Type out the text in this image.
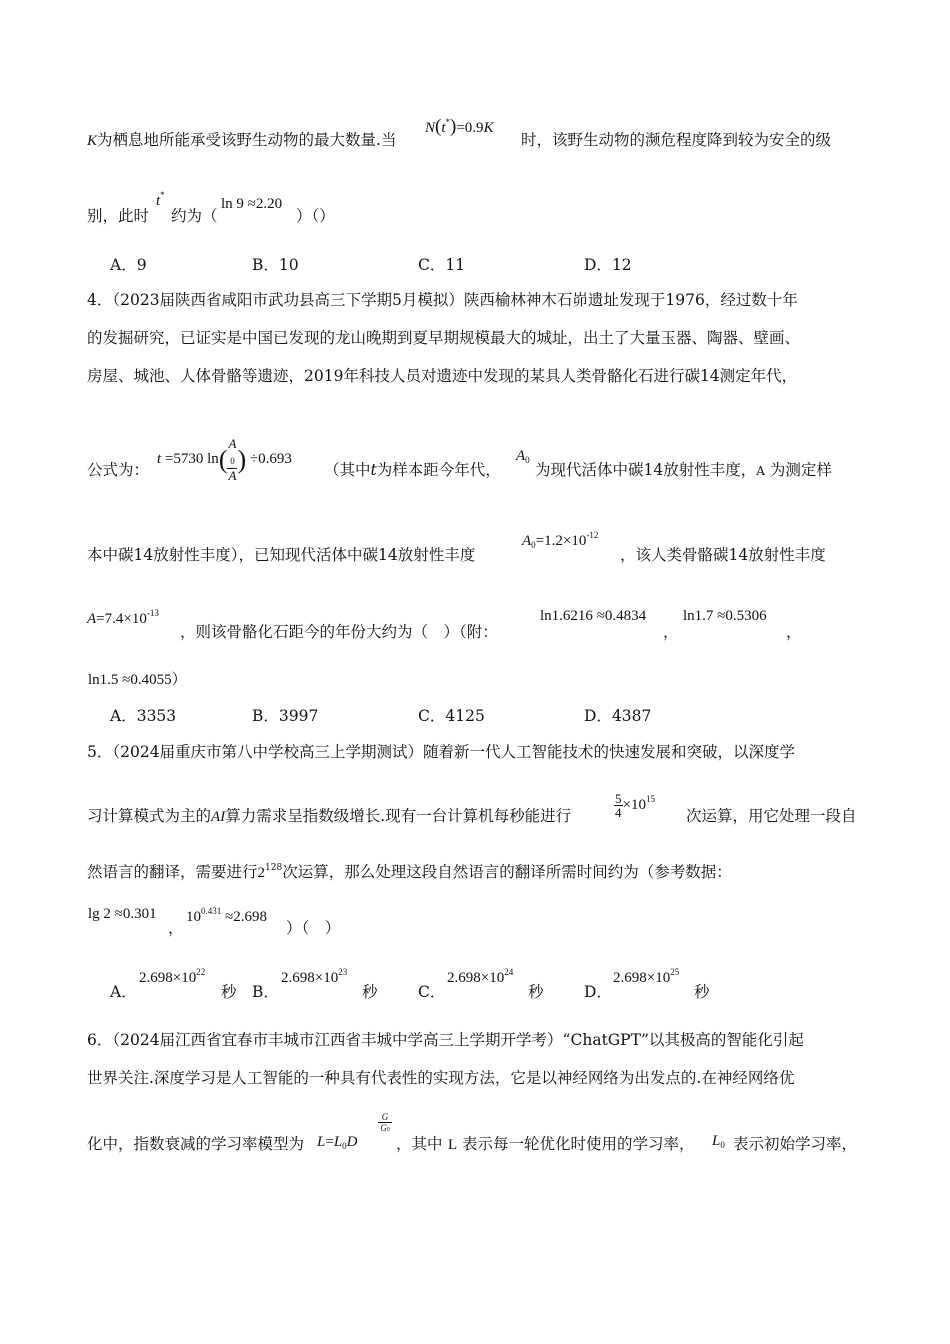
K为栖息地所能承受该野生动物的最大数量.当
N(t*)=0.9K
时，该野生动物的濒危程度降到较为安全的级
别，此时
t*
约为（
ln 9 ≈2.20
）（）
A．9	B．10	C．11	D．12
4．（2023届陕西省咸阳市武功县高三下学期5月模拟）陕西榆林神木石峁遗址发现于1976，经过数十年
的发掘研究，已证实是中国已发现的龙山晚期到夏早期规模最大的城址，出土了大量玉器、陶器、壁画、
房屋、城池、人体骨骼等遗迹，2019年科技人员对遗迹中发现的某具人类骨骼化石进行碳14测定年代，
公式为：
t =5730 ln( A
$_0$
A ) ÷0.693
（其中t为样本距今年代，
$A_0$
为现代活体中碳14放射性丰度，A 为测定样
本中碳14放射性丰度），已知现代活体中碳14放射性丰度
$A_0=1.2\times 10^{-12}$
，该人类骨骼碳14放射性丰度
$A=7.4\times 10^{-13}$
，则该骨骼化石距今的年份大约为（　）（附：
ln1.6216 ≈0.4834
，
ln1.7 ≈0.5306
，
ln1.5 ≈0.4055）
A．3353	B．3997	C．4125	D．4387
5．（2024届重庆市第八中学校高三上学期测试）随着新一代人工智能技术的快速发展和突破，以深度学
习计算模式为主的AI算力需求呈指数级增长.现有一台计算机每秒能进行	$\frac{5}{4} \times 10^{15}$
次运算，用它处理一段自
然语言的翻译，需要进行$2^{128}$次运算，那么处理这段自然语言的翻译所需时间约为（参考数据：
lg 2 ≈0.301
，
$10^{0.431} \approx 2.698$
）（　）
A．
$2.698\times 10^{22}$
秒 B．
$2.698\times 10^{23}$
秒	C．
$2.698\times 10^{24}$
秒	D．
$2.698\times 10^{25}$
秒
6．（2024届江西省宜春市丰城市江西省丰城中学高三上学期开学考）“ChatGPT”以其极高的智能化引起
世界关注.深度学习是人工智能的一种具有代表性的实现方法，它是以神经网络为出发点的.在神经网络优
化中，指数衰减的学习率模型为 $L=L_0D$
G
G0
，其中 L 表示每一轮优化时使用的学习率， $L_0$ 表示初始学习率，
